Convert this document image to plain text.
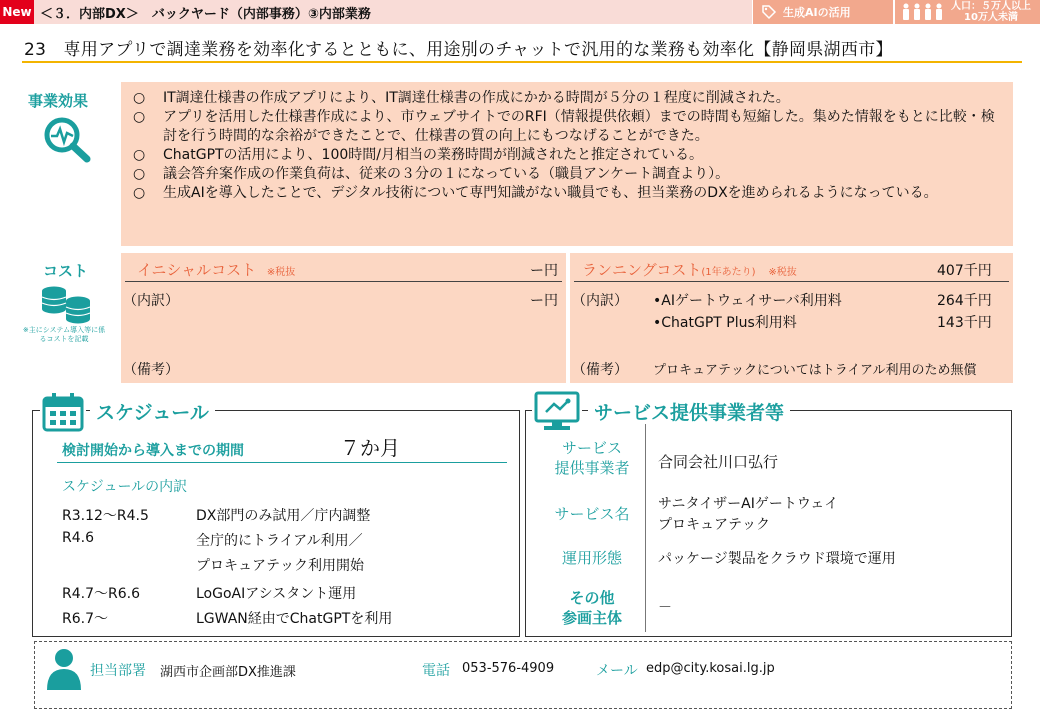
New ＜３．内部DX＞　バックヤード（内部事務）③内部業務	生成AIの活用	人口：５万人以上
10万人未満
23　専用アプリで調達業務を効率化するとともに、用途別のチャットで汎用的な業務も効率化【静岡県湖西市】
事業効果
○	IT調達仕様書の作成アプリにより、IT調達仕様書の作成にかかる時間が５分の１程度に削減された。
○ アプリを活用した仕様書作成により、市ウェブサイトでのRFI（情報提供依頼）までの時間も短縮した。集めた情報をもとに比較・検討を行う時間的な余裕ができたことで、仕様書の質の向上にもつなげることができた。
○ ChatGPTの活用により、100時間/月相当の業務時間が削減されたと推定されている。
○ 議会答弁案作成の作業負荷は、従来の３分の１になっている（職員アンケート調査より）。
○ 生成AIを導入したことで、デジタル技術について専門知識がない職員でも、担当業務のDXを進められるようになっている。
コスト
※主にシステム導入等に係るコストを記載
イニシャルコスト ※税抜	ー円
（内訳）	ー円
（備考）
ランニングコスト(1年あたり) ※税抜	407千円
（内訳） •AIゲートウェイサーバ利用料	264千円
•ChatGPT Plus利用料	143千円
（備考） プロキュアテックについてはトライアル利用のため無償
スケジュール
検討開始から導入までの期間	７か月
スケジュールの内訳
R3.12～R4.5	DX部門のみ試用／庁内調整
R4.6	全庁的にトライアル利用／
プロキュアテック利用開始
R4.7～R6.6	LoGoAIアシスタント運用
R6.7～	LGWAN経由でChatGPTを利用
サービス提供事業者等
サービス
提供事業者	合同会社川口弘行
サービス名
サニタイザーAIゲートウェイ
プロキュアテック
運用形態	パッケージ製品をクラウド環境で運用
その他
参画主体
－
担当部署 湖西市企画部DX推進課	電話 053-576-4909	メール edp@city.kosai.lg.jp
